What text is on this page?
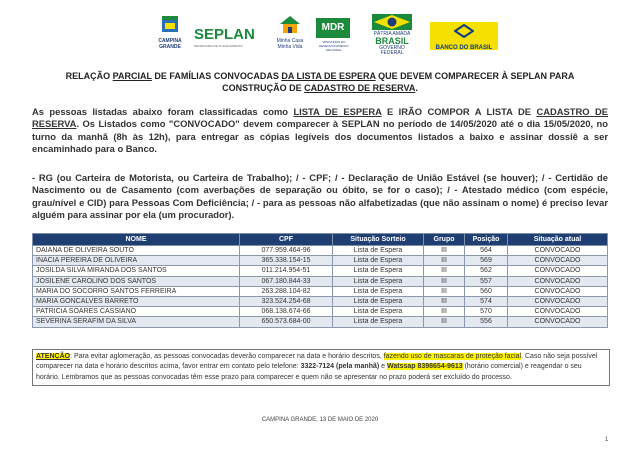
CAMPINA
GRANDE
SEPLAN
SECRETARIA DE PLANEJAMENTO
Minha Casa
Minha Vida
MDR
MINISTÉRIO DO DESENVOLVIMENTO REGIONAL
PÁTRIA AMADA
BRASIL
GOVERNO FEDERAL
BANCO DO BRASIL
RELAÇÃO PARCIAL DE FAMÍLIAS CONVOCADAS DA LISTA DE ESPERA QUE DEVEM COMPARECER À SEPLAN PARA CONSTRUÇÃO DE CADASTRO DE RESERVA.
As pessoas listadas abaixo foram classificadas como LISTA DE ESPERA E IRÃO COMPOR A LISTA DE CADASTRO DE RESERVA. Os Listados como "CONVOCADO" devem comparecer à SEPLAN no período de 14/05/2020 até o dia 15/05/2020, no turno da manhã (8h às 12h), para entregar as cópias legíveis dos documentos listados a baixo e assinar dossiê a ser encaminhado para o Banco.
- RG (ou Carteira de Motorista, ou Carteira de Trabalho); / - CPF; / - Declaração de União Estável (se houver); / - Certidão de Nascimento ou de Casamento (com averbações de separação ou óbito, se for o caso); / - Atestado médico (com espécie, grau/nível e CID) para Pessoas Com Deficiência; / - para as pessoas não alfabetizadas (que não assinam o nome) é preciso levar alguém para assinar por ela (um procurador).
NOME	CPF	Situação Sorteio	Grupo	Posição	Situação atual
DAIANA DE OLIVEIRA SOUTO	077.959.464-96	Lista de Espera	III	564	CONVOCADO
INACIA PEREIRA DE OLIVEIRA	365.338.154-15	Lista de Espera	III	569	CONVOCADO
JOSILDA SILVA MIRANDA DOS SANTOS	011.214.954-51	Lista de Espera	III	562	CONVOCADO
JOSILENE CAROLINO DOS SANTOS	067.180.844-33	Lista de Espera	III	557	CONVOCADO
MARIA DO SOCORRO SANTOS FERREIRA	263.288.104-82	Lista de Espera	III	560	CONVOCADO
MARIA GONCALVES BARRETO	323.524.254-68	Lista de Espera	III	574	CONVOCADO
PATRICIA SOARES CASSIANO	068.138.674-66	Lista de Espera	III	570	CONVOCADO
SEVERINA SERAFIM DA SILVA	650.573.684-00	Lista de Espera	III	556	CONVOCADO
ATENÇÃO: Para evitar aglomeração, as pessoas convocadas deverão comparecer na data e horário descritos, fazendo uso de mascaras de proteção facial. Caso não seja possível comparecer na data e horário descritos acima, favor entrar em contato pelo telefone: 3322-7124 (pela manhã) e Watssap 8398654-9613 (horário comercial) e reagendar o seu horário. Lembramos que as pessoas convocadas têm esse prazo para comparecer e quem não se apresentar no prazo poderá ser excluído do processo.
CAMPINA GRANDE, 13 DE MAIO DE 2020
1
